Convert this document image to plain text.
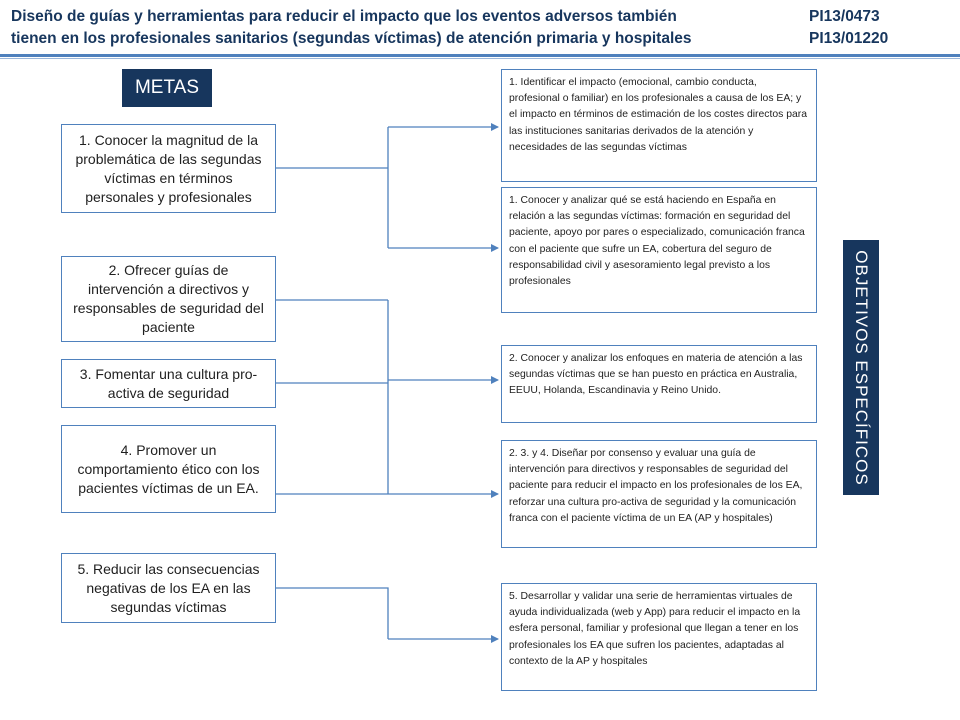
Diseño de guías y herramientas para reducir el impacto que los eventos adversos también
tienen en los profesionales sanitarios (segundas víctimas) de atención primaria y hospitales
PI13/0473
PI13/01220
METAS
1. Conocer la magnitud de la problemática de las segundas víctimas en términos personales y profesionales
2. Ofrecer guías de intervención a directivos y responsables de seguridad del paciente
3. Fomentar una cultura pro-activa de seguridad
4. Promover un comportamiento ético con los pacientes víctimas de un EA.
5. Reducir las consecuencias negativas de los EA en las segundas víctimas
1. Identificar el impacto (emocional, cambio conducta, profesional o familiar) en los profesionales a causa de los EA; y el impacto en términos de estimación de los costes directos para las instituciones sanitarias derivados de la atención y necesidades de las segundas víctimas
1. Conocer y analizar qué se está haciendo en España en relación a las segundas víctimas: formación en seguridad del paciente, apoyo por pares o especializado, comunicación franca con el paciente que sufre un EA, cobertura del seguro de responsabilidad civil y asesoramiento legal previsto a los profesionales
2. Conocer y analizar los enfoques en materia de atención a las segundas víctimas que se han puesto en práctica en Australia, EEUU, Holanda, Escandinavia y Reino Unido.
2. 3. y 4. Diseñar por consenso y evaluar una guía de intervención para directivos y responsables de seguridad del paciente para reducir el impacto en los profesionales de los EA, reforzar una cultura pro-activa de seguridad y la comunicación franca con el paciente víctima de un EA (AP y hospitales)
5. Desarrollar y validar una serie de herramientas virtuales de ayuda individualizada (web y App) para reducir el impacto en la esfera personal, familiar y profesional que llegan a tener en los profesionales los EA que sufren los pacientes, adaptadas al contexto de la AP y hospitales
OBJETIVOS ESPECÍFICOS
